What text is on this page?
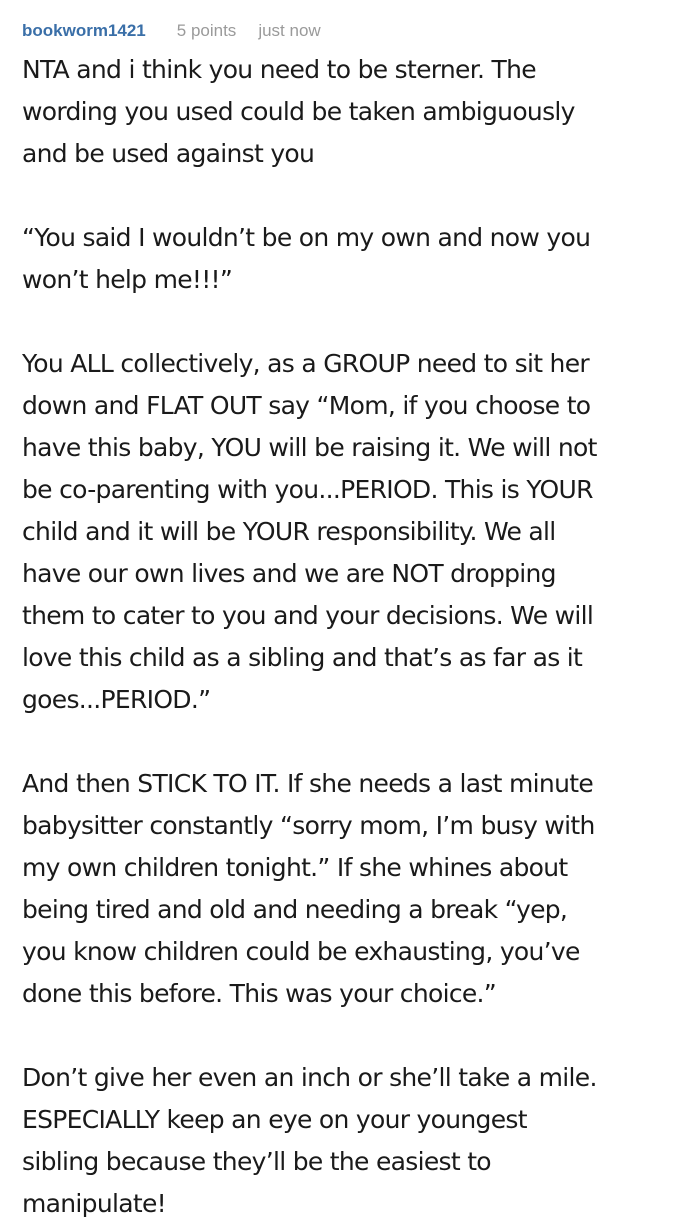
bookworm1421 5 points just now

NTA and i think you need to be sterner. The
wording you used could be taken ambiguously
and be used against you

“You said I wouldn’t be on my own and now you
won’t help me!!!”

You ALL collectively, as a GROUP need to sit her
down and FLAT OUT say “Mom, if you choose to
have this baby, YOU will be raising it. We will not
be co-parenting with you...PERIOD. This is YOUR
child and it will be YOUR responsibility. We all
have our own lives and we are NOT dropping
them to cater to you and your decisions. We will
love this child as a sibling and that’s as far as it
goes...PERIOD.”

And then STICK TO IT. If she needs a last minute
babysitter constantly “sorry mom, I’m busy with
my own children tonight.” If she whines about
being tired and old and needing a break “yep,
you know children could be exhausting, you’ve
done this before. This was your choice.”

Don’t give her even an inch or she’ll take a mile.
ESPECIALLY keep an eye on your youngest
sibling because they’ll be the easiest to
manipulate!
